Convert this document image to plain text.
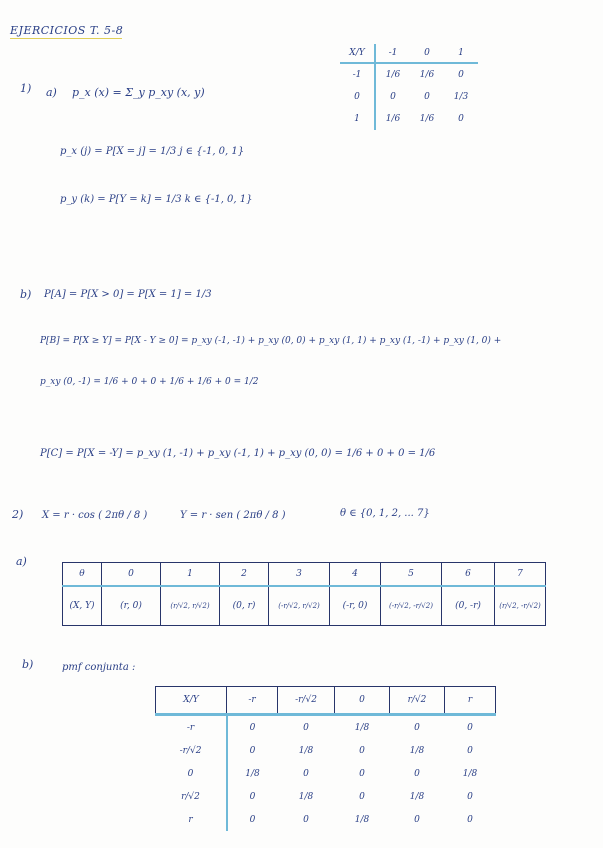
EJERCICIOS T. 5-8
1) a) p_x (x) = Σ_y p_xy (x, y)
p_x (j) = P[X = j] = 1/3 j ∈ {-1, 0, 1}
p_y (k) = P[Y = k] = 1/3 k ∈ {-1, 0, 1}
X/Y	-1	0	1
-1	1/6	1/6	0
0	0	0	1/3
1	1/6	1/6	0
b) P[A] = P[X > 0] = P[X = 1] = 1/3
P[B] = P[X ≥ Y] = P[X - Y ≥ 0] = p_xy (-1, -1) + p_xy (0, 0) + p_xy (1, 1) + p_xy (1, -1) + p_xy (1, 0) +
p_xy (0, -1) = 1/6 + 0 + 0 + 1/6 + 1/6 + 0 = 1/2
P[C] = P[X = -Y] = p_xy (1, -1) + p_xy (-1, 1) + p_xy (0, 0) = 1/6 + 0 + 0 = 1/6
2) X = r · cos ( 2πθ / 8 )	Y = r · sen ( 2πθ / 8 )	θ ∈ {0, 1, 2, ... 7}
a)
θ	0	1	2	3	4	5	6	7
(X, Y)	(r, 0)	(r/√2, r/√2)	(0, r)	(-r/√2, r/√2)	(-r, 0)	(-r/√2, -r/√2)	(0, -r)	(r/√2, -r/√2)
b)	pmf conjunta :
X/Y	-r	-r/√2	0	r/√2	r
-r	0	0	1/8	0	0
-r/√2	0	1/8	0	1/8	0
0	1/8	0	0	0	1/8
r/√2	0	1/8	0	1/8	0
r	0	0	1/8	0	0
